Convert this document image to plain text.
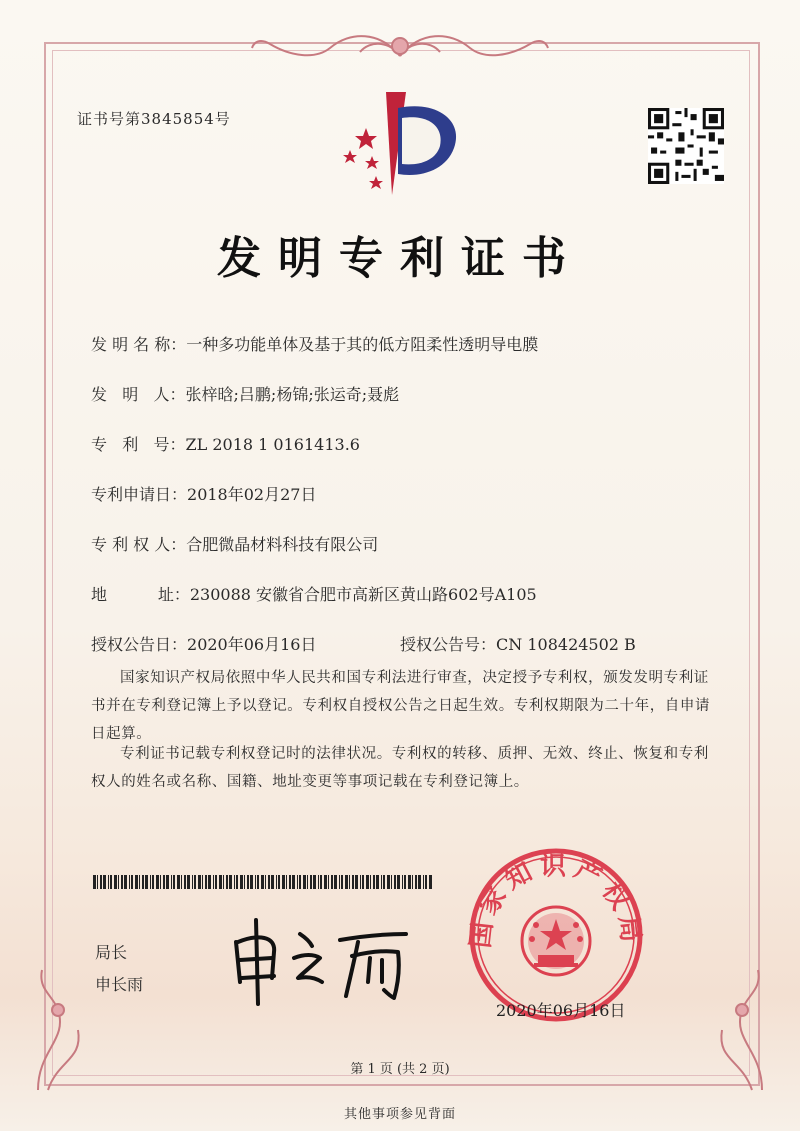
证书号第3845854号
发明专利证书
发 明 名 称：一种多功能单体及基于其的低方阻柔性透明导电膜
发   明   人：张梓晗;吕鹏;杨锦;张运奇;聂彪
专   利   号：ZL 2018 1 0161413.6
专利申请日：2018年02月27日
专 利 权 人：合肥微晶材料科技有限公司
地          址：230088 安徽省合肥市高新区黄山路602号A105
授权公告日：2020年06月16日	授权公告号：CN 108424502 B
国家知识产权局依照中华人民共和国专利法进行审查，决定授予专利权，颁发发明专利证书并在专利登记簿上予以登记。专利权自授权公告之日起生效。专利权期限为二十年，自申请日起算。
专利证书记载专利权登记时的法律状况。专利权的转移、质押、无效、终止、恢复和专利权人的姓名或名称、国籍、地址变更等事项记载在专利登记簿上。
局长
申长雨
国家知识产权局
2020年06月16日
第 1 页 (共 2 页)
其他事项参见背面
